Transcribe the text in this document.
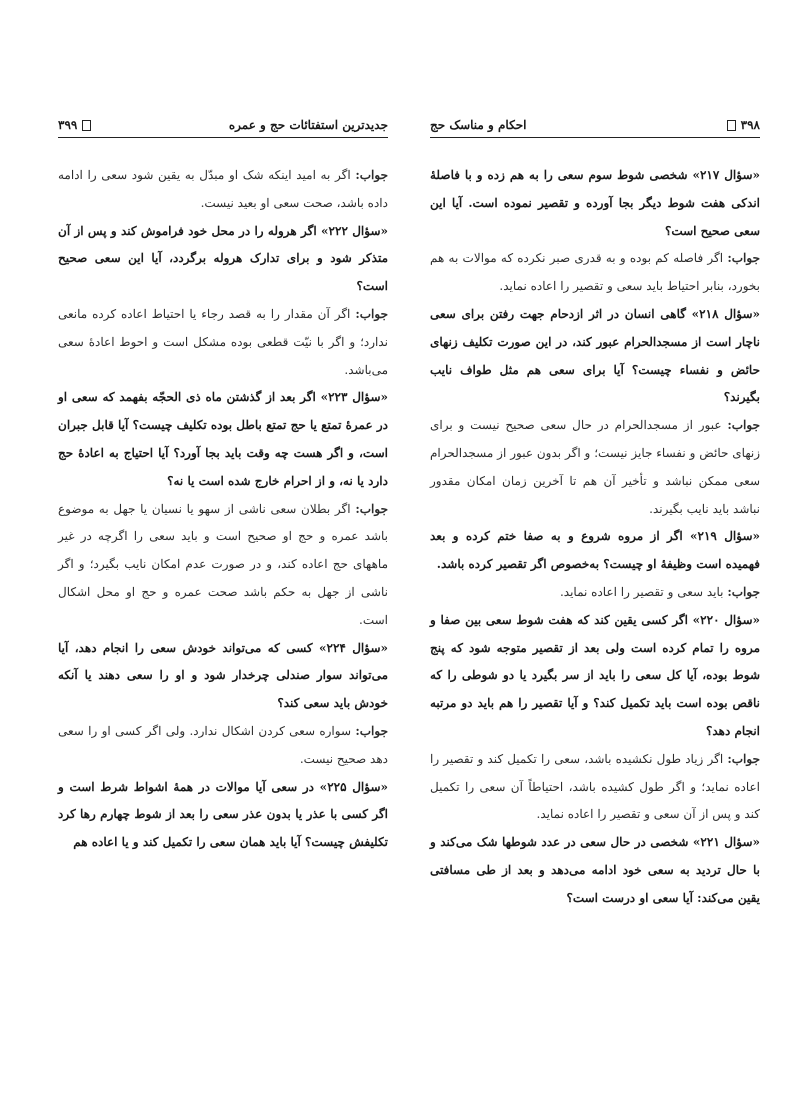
جدیدترین استفتائات حج و عمره
۳۹۹

جواب: اگر به امید اینکه شک او مبدّل به یقین شود سعی را ادامه داده باشد، صحت سعی او بعید نیست.

«سؤال ۲۲۲» اگر هروله را در محل خود فراموش کند و پس از آن متذکر شود و برای تدارک هروله برگردد، آیا این سعی صحیح است؟

جواب: اگر آن مقدار را به قصد رجاء یا احتیاط اعاده کرده مانعی ندارد؛ و اگر با نیّت قطعی بوده مشکل است و احوط اعادهٔ سعی می‌باشد.

«سؤال ۲۲۳» اگر بعد از گذشتن ماه ذی الحجّه بفهمد که سعی او در عمرهٔ تمتع یا حج تمتع باطل بوده تکلیف چیست؟ آیا قابل جبران است، و اگر هست چه وقت باید بجا آورد؟ آیا احتیاج به اعادهٔ حج دارد یا نه، و از احرام خارج شده است یا نه؟

جواب: اگر بطلان سعی ناشی از سهو یا نسیان یا جهل به موضوع باشد عمره و حج او صحیح است و باید سعی را اگرچه در غیر ماههای حج اعاده کند، و در صورت عدم امکان نایب بگیرد؛ و اگر ناشی از جهل به حکم باشد صحت عمره و حج او محل اشکال است.

«سؤال ۲۲۴» کسی که می‌تواند خودش سعی را انجام دهد، آیا می‌تواند سوار صندلی چرخدار شود و او را سعی دهند یا آنکه خودش باید سعی کند؟

جواب: سواره سعی کردن اشکال ندارد. ولی اگر کسی او را سعی دهد صحیح نیست.

«سؤال ۲۲۵» در سعی آیا موالات در همهٔ اشواط شرط است و اگر کسی با عذر یا بدون عذر سعی را بعد از شوط چهارم رها کرد تکلیفش چیست؟ آیا باید همان سعی را تکمیل کند و یا اعاده هم

۳۹۸
احکام و مناسک حج

«سؤال ۲۱۷» شخصی شوط سوم سعی را به هم زده و با فاصلهٔ اندکی هفت شوط دیگر بجا آورده و تقصیر نموده است. آیا این سعی صحیح است؟

جواب: اگر فاصله کم بوده و به قدری صبر نکرده که موالات به هم بخورد، بنابر احتیاط باید سعی و تقصیر را اعاده نماید.

«سؤال ۲۱۸» گاهی انسان در اثر ازدحام جهت رفتن برای سعی ناچار است از مسجدالحرام عبور کند، در این صورت تکلیف زنهای حائض و نفساء چیست؟ آیا برای سعی هم مثل طواف نایب بگیرند؟

جواب: عبور از مسجدالحرام در حال سعی صحیح نیست و برای زنهای حائض و نفساء جایز نیست؛ و اگر بدون عبور از مسجدالحرام سعی ممکن نباشد و تأخیر آن هم تا آخرین زمان امکان مقدور نباشد باید نایب بگیرند.

«سؤال ۲۱۹» اگر از مروه شروع و به صفا ختم کرده و بعد فهمیده است وظیفهٔ او چیست؟ به‌خصوص اگر تقصیر کرده باشد.

جواب: باید سعی و تقصیر را اعاده نماید.

«سؤال ۲۲۰» اگر کسی یقین کند که هفت شوط سعی بین صفا و مروه را تمام کرده است ولی بعد از تقصیر متوجه شود که پنج شوط بوده، آیا کل سعی را باید از سر بگیرد یا دو شوطی را که ناقص بوده است باید تکمیل کند؟ و آیا تقصیر را هم باید دو مرتبه انجام دهد؟

جواب: اگر زیاد طول نکشیده باشد، سعی را تکمیل کند و تقصیر را اعاده نماید؛ و اگر طول کشیده باشد، احتیاطاً آن سعی را تکمیل کند و پس از آن سعی و تقصیر را اعاده نماید.

«سؤال ۲۲۱» شخصی در حال سعی در عدد شوطها شک می‌کند و با حال تردید به سعی خود ادامه می‌دهد و بعد از طی مسافتی یقین می‌کند: آیا سعی او درست است؟
